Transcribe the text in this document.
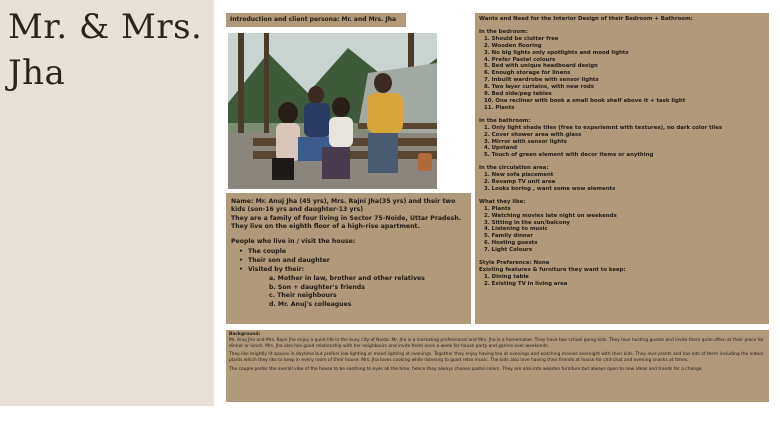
Mr. & Mrs.
Jha
Introduction and client persona: Mr. and Mrs. Jha

Name: Mr. Anuj Jha (45 yrs), Mrs. Rajni Jha(35 yrs) and their two kids (son-16 yrs and daughter-13 yrs)

They are a family of four living in Sector 75-Noide, Uttar Pradesh.

They live on the eighth floor of a high-rise apartment.

People who live in / visit the house:

• The couple
• Their son and daughter
• Visited by their:
a. Mother in law, brother and other relatives
b. Son + daughter's friends
c. Their neighbours
d. Mr. Anuj's colleagues

Wants and Need for the Interior Design of their Bedroom + Bathroom:

In the bedroom:

1. Should be clutter free

2. Wooden flooring

3. No big lights only spotlights and mood lights

4. Prefer Pastel colours

5. Bed with unique headboard design

6. Enough storage for linens

7. Inbuilt wardrobe with sensor lights

8. Two layer curtains, with new rods

9. Bed side/peg tables

10. One recliner with book a small book shelf above it + task light

11. Plants

In the bathroom:

1. Only light shade tiles (free to experiemnt with textures), no dark color tiles

2. Cover shower area with glass

3. Mirror with sensor lights

4. Upstand

5. Touch of green element with decor items or anything

In the circulation area:

1. New sofa placement

2. Revamp TV unit area

3. Looks boring , want some wow elements

What they like:

1. Plants

2. Watching movies late night on weekends

3. Sitting in the sun/balcony

4. Listening to music

5. Family dinner

6. Hosting guests

7. Light Colours

Style Preference: None

Existing features & furniture they want to keep:

1. Dining table

2. Existing TV in living area

Background:

Mr. Anuj Jha and Mrs. Rajni Jha enjoy a quiet life in the busy city of Noida. Mr. Jha is a marketing professional and Mrs. Jha is a homemaker. They have two school going kids. They love hosting guests and invite them quite often at their place for dinner or lunch. Mrs. Jha also has good relationship with her neighbours and invite them once a week for house party and games over weekends.

They like brightly lit spaces in daytime but prefers low lighting or mood lighting at evenings. Together they enjoy having tea at evenings and watching movies overnight with their kids. They love plants and has lots of them including the indoor plants which they like to keep in every room of their house. Mrs. Jha loves cooking while listening to good retro music. The kids also love having their friends at house for chit-chat and evening snacks at times.

The couple prefer the overall vibe of the house to be soothing to eyes all the time, hence they always choose pastel colors. They are also into wooden furniture but always open to new ideas and trends for a change.
